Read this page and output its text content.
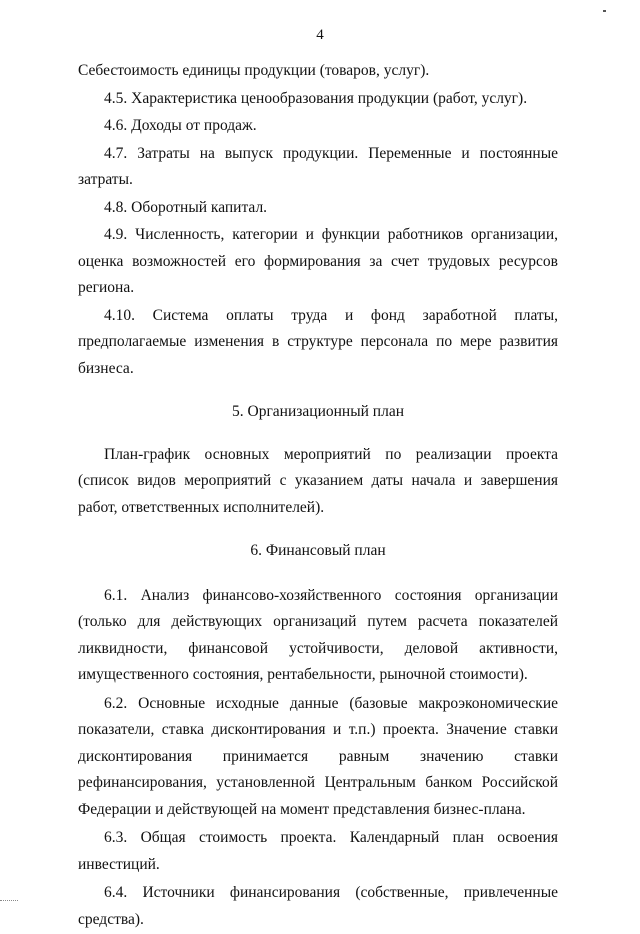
4

Себестоимость единицы продукции (товаров, услуг).

4.5. Характеристика ценообразования продукции (работ, услуг).

4.6. Доходы от продаж.

4.7. Затраты на выпуск продукции. Переменные и постоянные затраты.

4.8. Оборотный капитал.

4.9. Численность, категории и функции работников организации, оценка возможностей его формирования за счет трудовых ресурсов региона.

4.10. Система оплаты труда и фонд заработной платы, предполагаемые изменения в структуре персонала по мере развития бизнеса.

5. Организационный план

План-график основных мероприятий по реализации проекта (список видов мероприятий с указанием даты начала и завершения работ, ответственных исполнителей).

6. Финансовый план

6.1. Анализ финансово-хозяйственного состояния организации (только для действующих организаций путем расчета показателей ликвидности, финансовой устойчивости, деловой активности, имущественного состояния, рентабельности, рыночной стоимости).

6.2. Основные исходные данные (базовые макроэкономические показатели, ставка дисконтирования и т.п.) проекта. Значение ставки дисконтирования принимается равным значению ставки рефинансирования, установленной Центральным банком Российской Федерации и действующей на момент представления бизнес-плана.

6.3. Общая стоимость проекта. Календарный план освоения инвестиций.

6.4. Источники финансирования (собственные, привлеченные средства).
